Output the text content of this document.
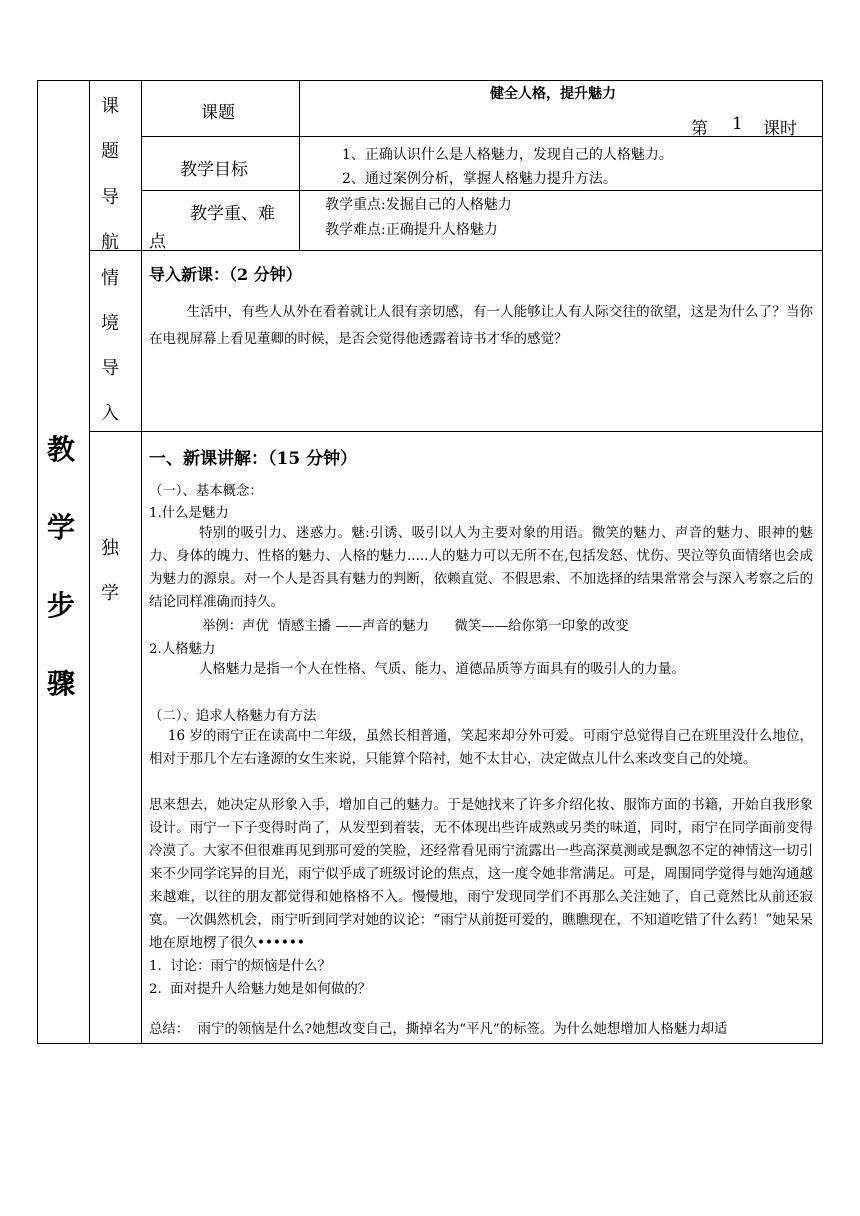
教
学
步
骤
课
题
导
航
情
境
导
入
独
学
课题
健全人格，提升魅力
第 1 课时
教学目标
1、正确认识什么是人格魅力，发现自己的人格魅力。
2、通过案例分析，掌握人格魅力提升方法。
教学重、难
点
教学重点:发掘自己的人格魅力
教学难点:正确提升人格魅力
导入新课：（2 分钟）
生活中，有些人从外在看着就让人很有亲切感，有一人能够让人有人际交往的欲望，这是为什么了？当你在电视屏幕上看见董卿的时候，是否会觉得他透露着诗书才华的感觉？
一、新课讲解：（15 分钟）
（一）、基本概念：
1.什么是魅力
特别的吸引力、迷惑力。魅:引诱、吸引以人为主要对象的用语。微笑的魅力、声音的魅力、眼神的魅力、身体的魄力、性格的魅力、人格的魅力.....人的魅力可以无所不在,包括发怒、忧伤、哭泣等负面情绪也会成为魅力的源泉。对一个人是否具有魅力的判断，依赖直觉、不假思索、不加选择的结果常常会与深入考察之后的结论同样准确而持久。
举例：声优  情感主播 ——声音的魅力      微笑——给你第一印象的改变
2.人格魅力
人格魅力是指一个人在性格、气质、能力、道德品质等方面具有的吸引人的力量。
（二）、追求人格魅力有方法
16 岁的雨宁正在读高中二年级，虽然长相普通，笑起来却分外可爱。可雨宁总觉得自己在班里没什么地位，相对于那几个左右逢源的女生来说，只能算个陪衬，她不太甘心，决定做点儿什么来改变自己的处境。
思来想去，她决定从形象入手，增加自己的魅力。于是她找来了许多介绍化妆、服饰方面的书籍，开始自我形象设计。雨宁一下子变得时尚了，从发型到着装，无不体现出些许成熟或另类的味道，同时，雨宁在同学面前变得冷漠了。大家不但很难再见到那可爱的笑脸，还经常看见雨宁流露出一些高深莫测或是飘忽不定的神情这一切引来不少同学诧异的目光，雨宁似乎成了班级讨论的焦点，这一度令她非常满足。可是，周围同学觉得与她沟通越来越难，以往的朋友都觉得和她格格不入。慢慢地，雨宁发现同学们不再那么关注她了，自己竟然比从前还寂寞。一次偶然机会，雨宁听到同学对她的议论：“雨宁从前挺可爱的，瞧瞧现在，不知道吃错了什么药！”她呆呆地在原地楞了很久••••••
1.  讨论：雨宁的烦恼是什么？
2.  面对提升人给魅力她是如何做的？
总结：  雨宁的领恼是什么?她想改变自己，撕掉名为“平凡”的标签。为什么她想增加人格魅力却适
